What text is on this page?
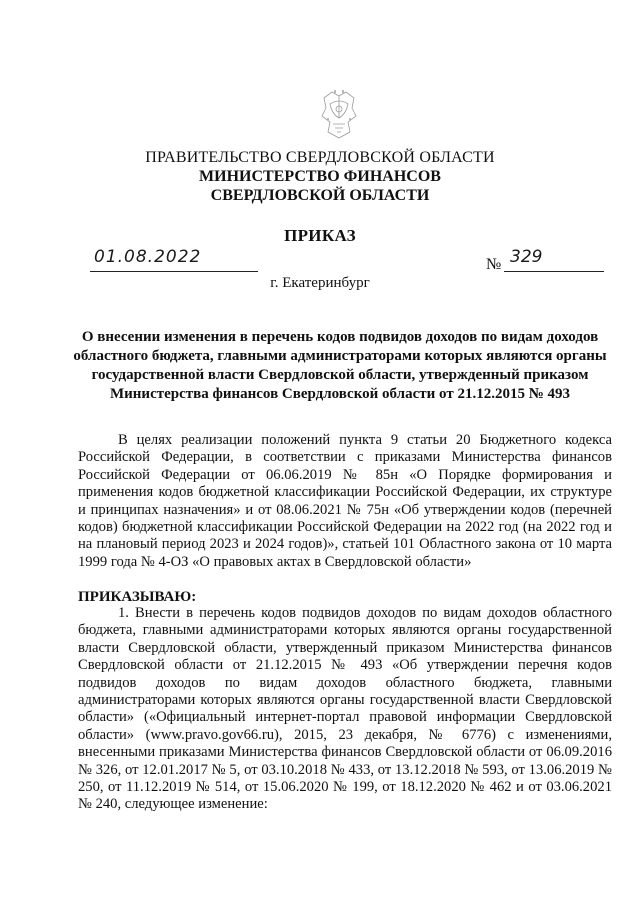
ПРАВИТЕЛЬСТВО СВЕРДЛОВСКОЙ ОБЛАСТИ

МИНИСТЕРСТВО ФИНАНСОВ

СВЕРДЛОВСКОЙ ОБЛАСТИ

ПРИКАЗ

01.08.2022	№ 329

г. Екатеринбург

О внесении изменения в перечень кодов подвидов доходов по видам доходов областного бюджета, главными администраторами которых являются органы государственной власти Свердловской области, утвержденный приказом Министерства финансов Свердловской области от 21.12.2015 № 493

В целях реализации положений пункта 9 статьи 20 Бюджетного кодекса Российской Федерации, в соответствии с приказами Министерства финансов Российской Федерации от 06.06.2019 № 85н «О Порядке формирования и применения кодов бюджетной классификации Российской Федерации, их структуре и принципах назначения» и от 08.06.2021 № 75н «Об утверждении кодов (перечней кодов) бюджетной классификации Российской Федерации на 2022 год (на 2022 год и на плановый период 2023 и 2024 годов)», статьей 101 Областного закона от 10 марта 1999 года № 4-ОЗ «О правовых актах в Свердловской области»

ПРИКАЗЫВАЮ:

1. Внести в перечень кодов подвидов доходов по видам доходов областного бюджета, главными администраторами которых являются органы государственной власти Свердловской области, утвержденный приказом Министерства финансов Свердловской области от 21.12.2015 № 493 «Об утверждении перечня кодов подвидов доходов по видам доходов областного бюджета, главными администраторами которых являются органы государственной власти Свердловской области» («Официальный интернет-портал правовой информации Свердловской области» (www.pravo.gov66.ru), 2015, 23 декабря, № 6776) с изменениями, внесенными приказами Министерства финансов Свердловской области от 06.09.2016 № 326, от 12.01.2017 № 5, от 03.10.2018 № 433, от 13.12.2018 № 593, от 13.06.2019 № 250, от 11.12.2019 № 514, от 15.06.2020 № 199, от 18.12.2020 № 462 и от 03.06.2021 № 240, следующее изменение:
